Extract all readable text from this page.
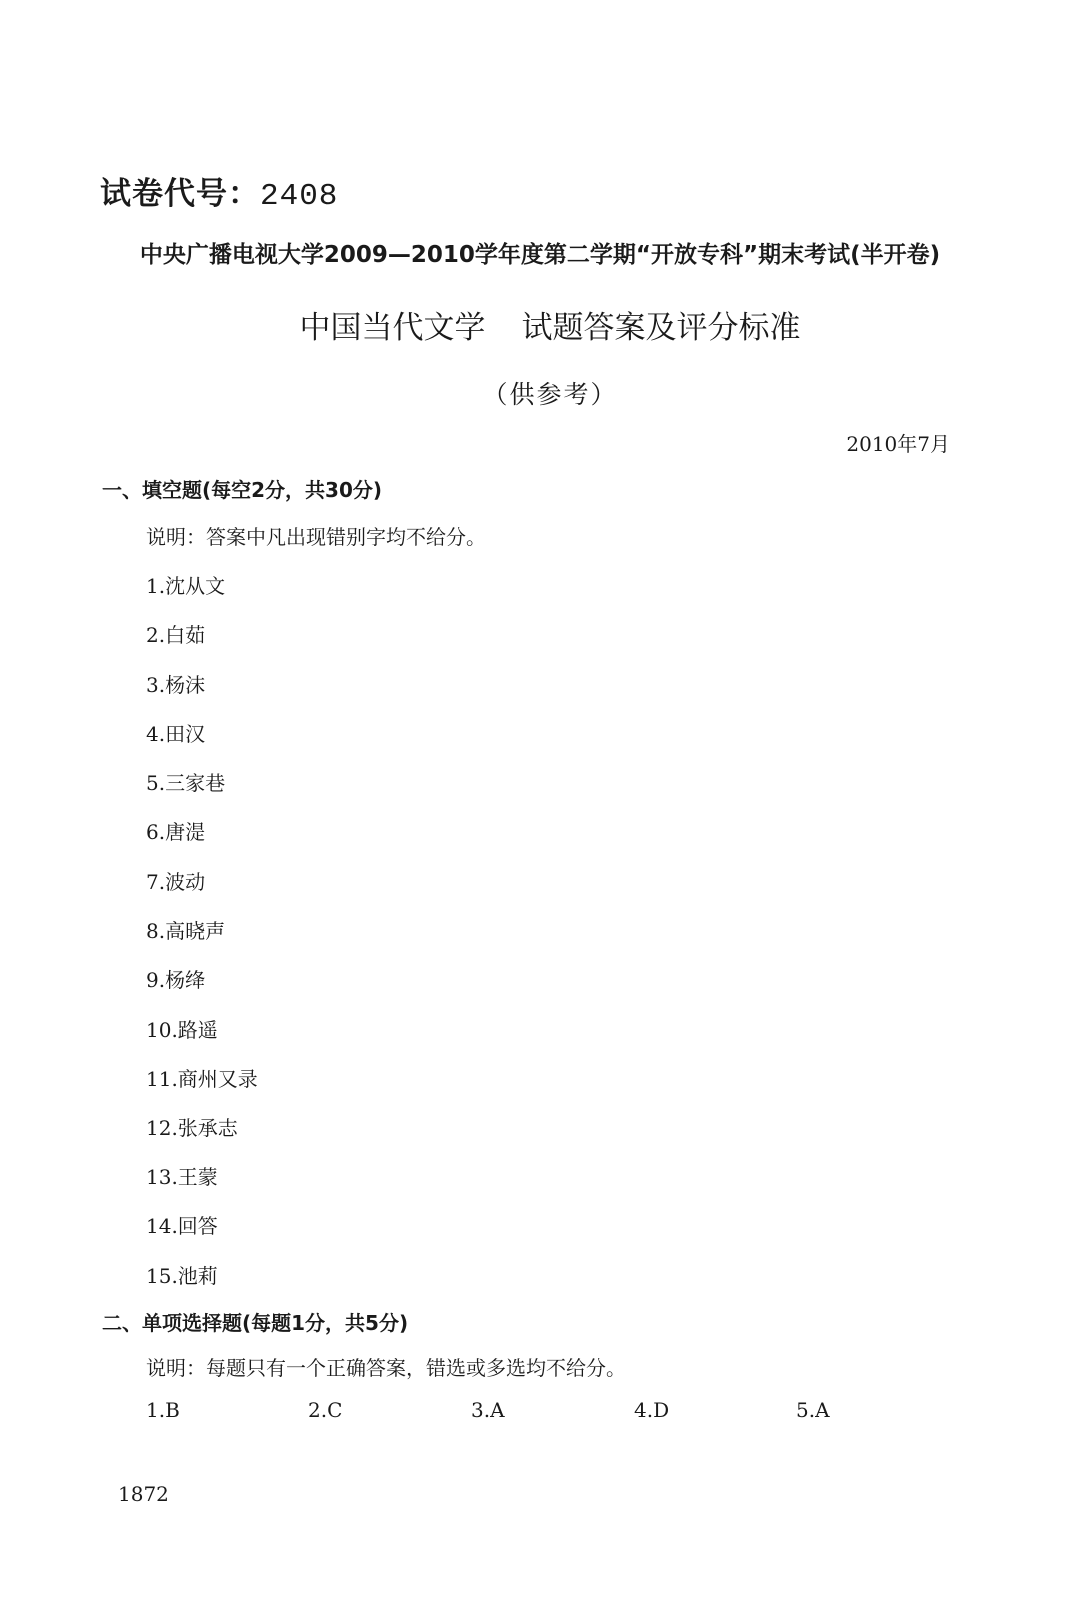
试卷代号：2408
中央广播电视大学2009—2010学年度第二学期“开放专科”期末考试(半开卷)
中国当代文学 试题答案及评分标准
（供参考）
2010年7月
一、填空题(每空2分，共30分)
说明：答案中凡出现错别字均不给分。
1.沈从文
2.白茹
3.杨沫
4.田汉
5.三家巷
6.唐湜
7.波动
8.高晓声
9.杨绛
10.路遥
11.商州又录
12.张承志
13.王蒙
14.回答
15.池莉
二、单项选择题(每题1分，共5分)
说明：每题只有一个正确答案，错选或多选均不给分。
1.B	2.C	3.A	4.D	5.A
1872
